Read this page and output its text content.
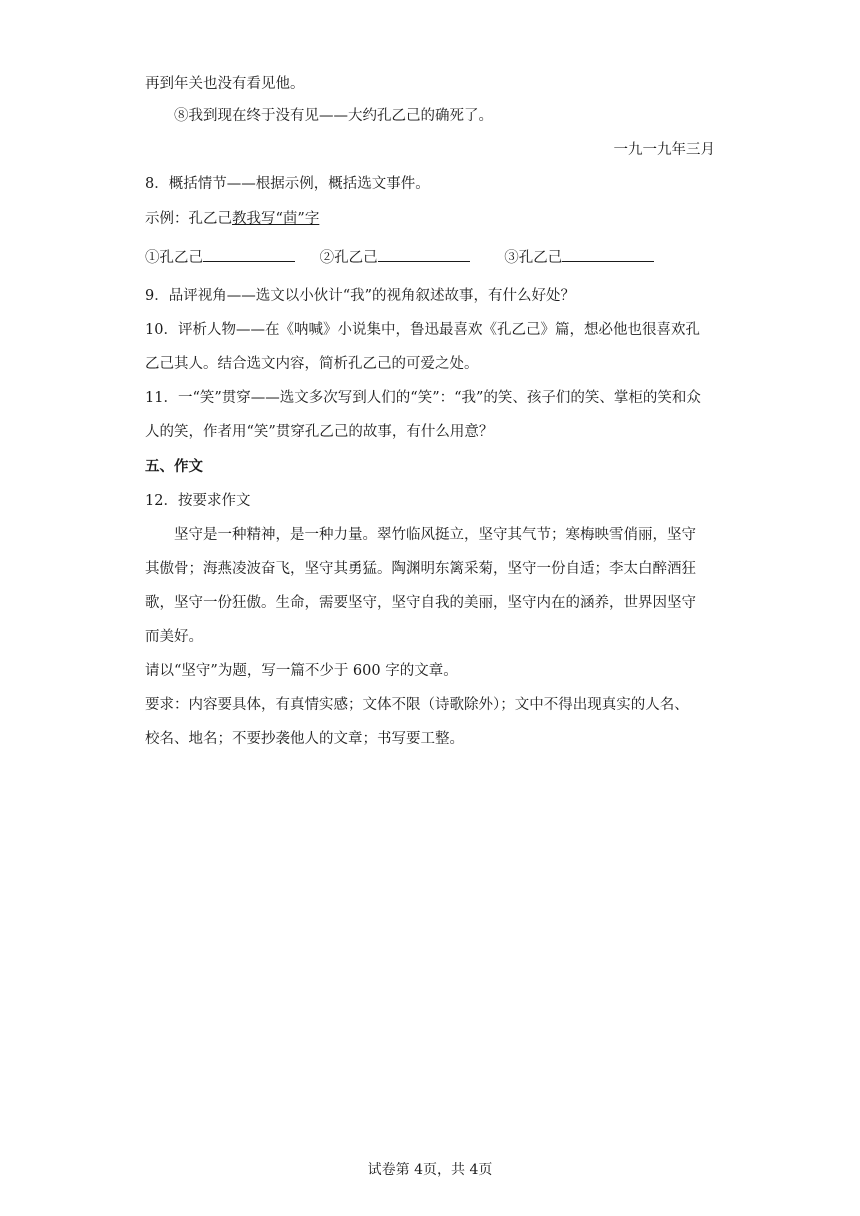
再到年关也没有看见他。
⑧我到现在终于没有见——大约孔乙己的确死了。
一九一九年三月
8．概括情节——根据示例，概括选文事件。
示例：孔乙己教我写“茴”字
①孔乙己	②孔乙己	③孔乙己
9．品评视角——选文以小伙计“我”的视角叙述故事，有什么好处？
10．评析人物——在《呐喊》小说集中，鲁迅最喜欢《孔乙己》篇，想必他也很喜欢孔
乙己其人。结合选文内容，简析孔乙己的可爱之处。
11．一“笑”贯穿——选文多次写到人们的“笑”：“我”的笑、孩子们的笑、掌柜的笑和众
人的笑，作者用“笑”贯穿孔乙己的故事，有什么用意？
五、作文
12．按要求作文
坚守是一种精神，是一种力量。翠竹临风挺立，坚守其气节；寒梅映雪俏丽，坚守
其傲骨；海燕凌波奋飞，坚守其勇猛。陶渊明东篱采菊，坚守一份自适；李太白醉酒狂
歌，坚守一份狂傲。生命，需要坚守，坚守自我的美丽，坚守内在的涵养，世界因坚守
而美好。
请以“坚守”为题，写一篇不少于 600 字的文章。
要求：内容要具体，有真情实感；文体不限（诗歌除外）；文中不得出现真实的人名、
校名、地名；不要抄袭他人的文章；书写要工整。
试卷第 4页，共 4页
